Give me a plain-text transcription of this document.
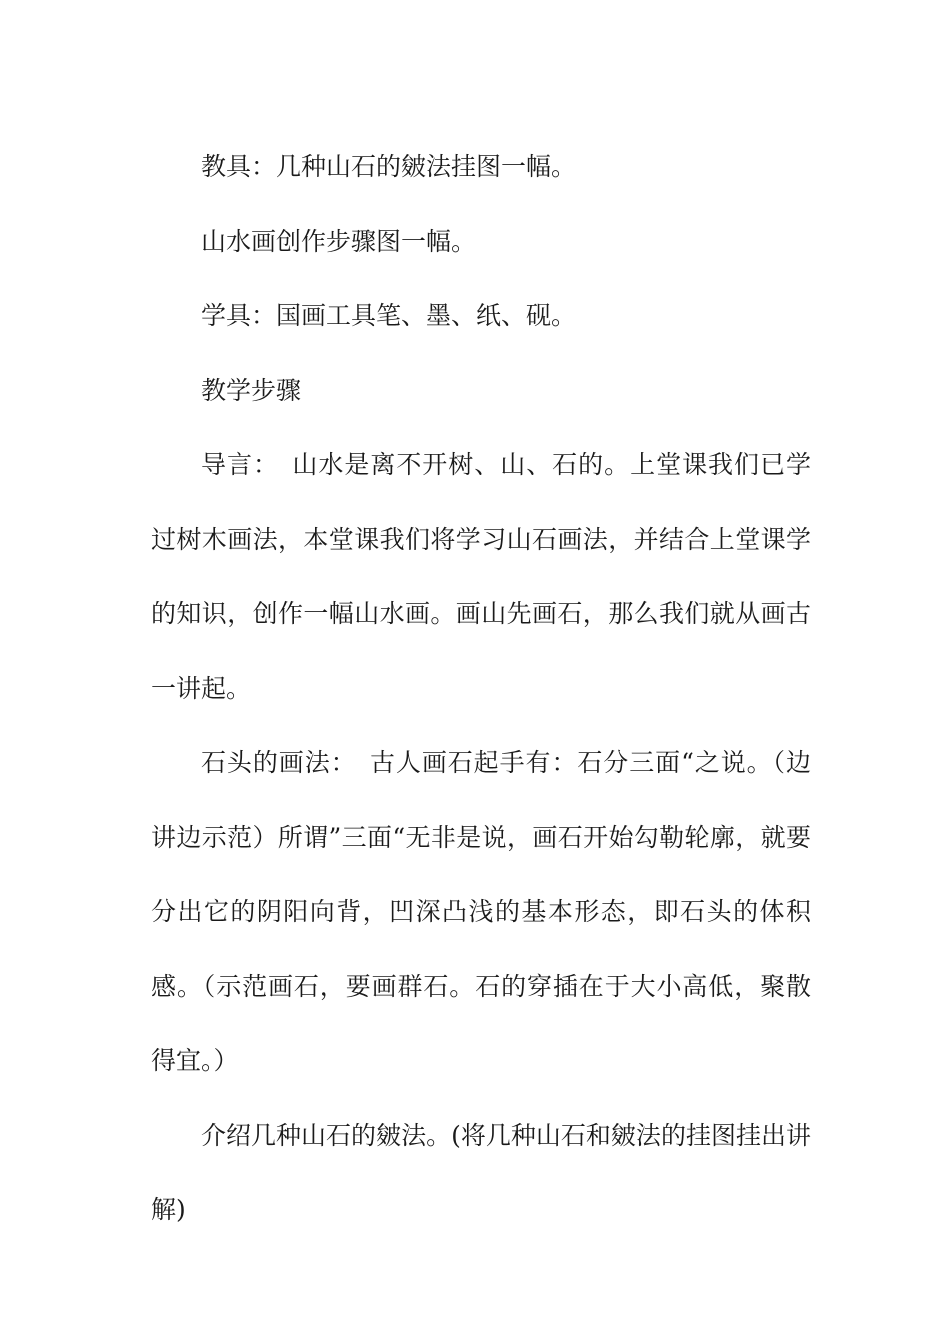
教具：几种山石的皴法挂图一幅。

山水画创作步骤图一幅。

学具：国画工具笔、墨、纸、砚。

教学步骤

导言：　山水是离不开树、山、石的。上堂课我们已学过树木画法，本堂课我们将学习山石画法，并结合上堂课学的知识，创作一幅山水画。画山先画石，那么我们就从画古一讲起。

石头的画法：　古人画石起手有：石分三面“之说。（边讲边示范）所谓”三面“无非是说，画石开始勾勒轮廓，就要分出它的阴阳向背，凹深凸浅的基本形态，即石头的体积感。（示范画石，要画群石。石的穿插在于大小高低，聚散得宜。）

介绍几种山石的皴法。(将几种山石和皴法的挂图挂出讲解)
